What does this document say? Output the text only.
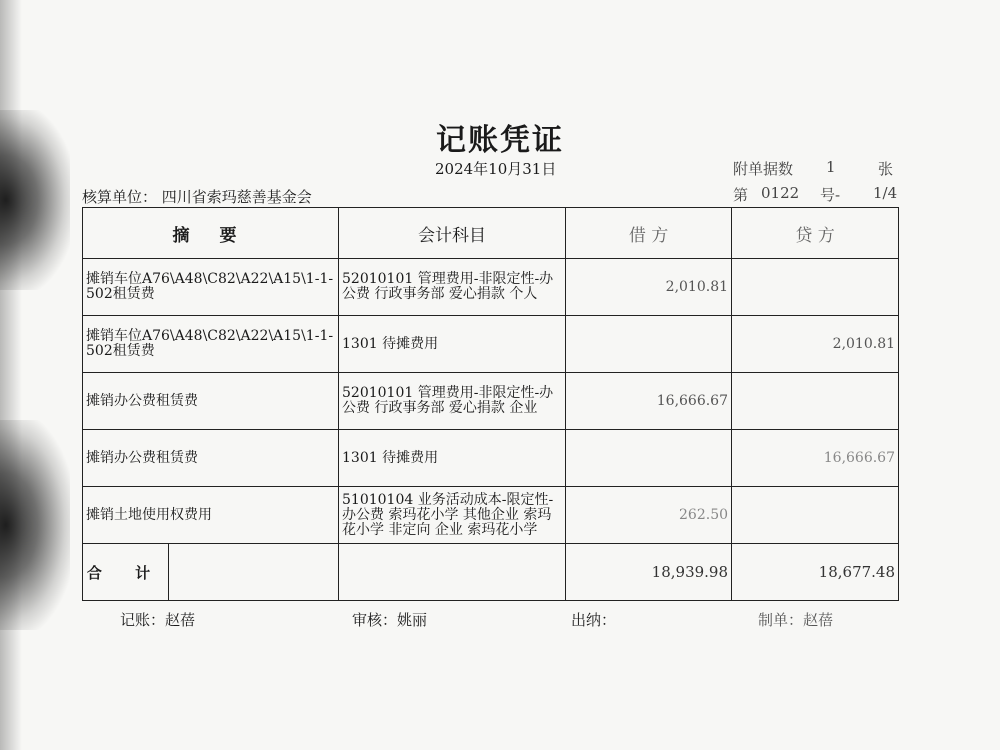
记账凭证
2024年10月31日	附单据数 1	张
核算单位： 四川省索玛慈善基金会	第 0122 号- 1/4
摘 要		会计科目	借 方	贷 方
摊销车位A76\A48\C82\A22\A15\1-1-502租赁费		52010101 管理费用-非限定性-办公费 行政事务部 爱心捐款 个人	2,010.81	
摊销车位A76\A48\C82\A22\A15\1-1-502租赁费		1301 待摊费用		2,010.81
摊销办公费租赁费		52010101 管理费用-非限定性-办公费 行政事务部 爱心捐款 企业	16,666.67	
摊销办公费租赁费		1301 待摊费用		16,666.67
摊销土地使用权费用		51010104 业务活动成本-限定性-办公费 索玛花小学 其他企业 索玛花小学 非定向 企业 索玛花小学	262.50	
合 计			18,939.98	18,677.48
记账：赵蓓	审核：姚丽	出纳：	制单：赵蓓
